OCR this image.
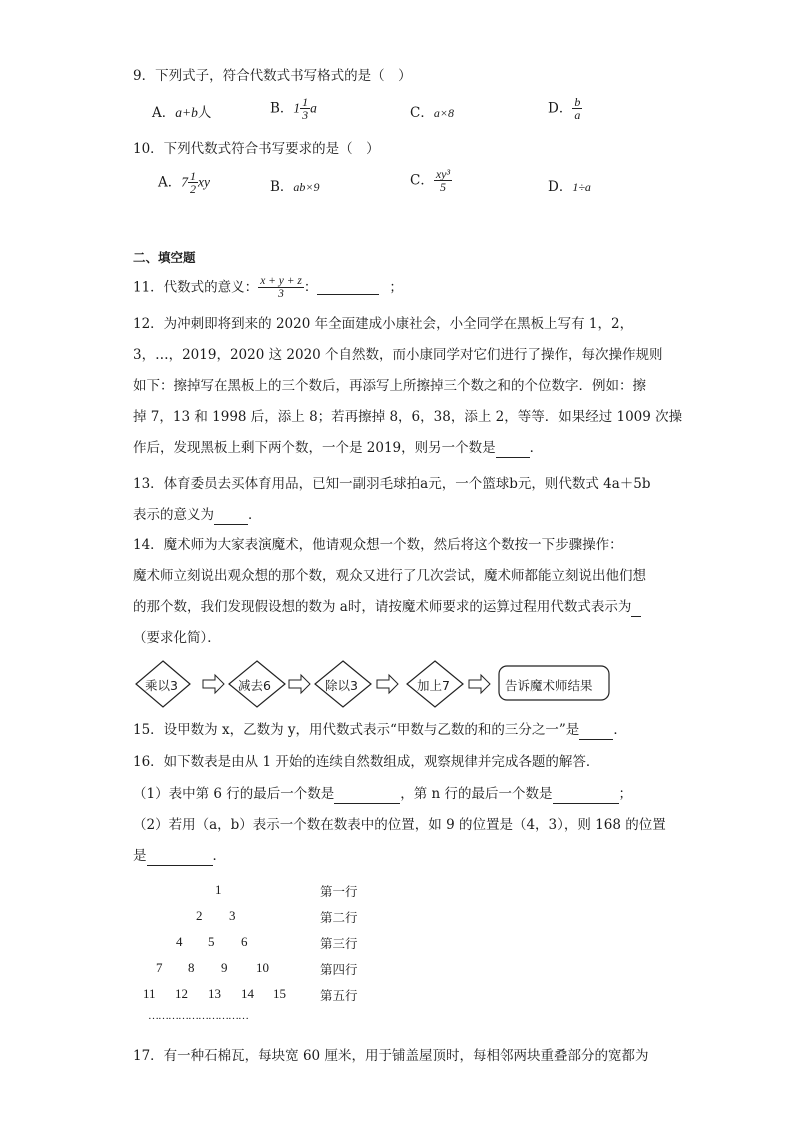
9．下列式子，符合代数式书写格式的是（　）
A．a+b人	B．$1 \frac{1}{3}$ a	C．a×8	D． $\frac{b}{a}$
10．下列代数式符合书写要求的是（　）
A．$7 \frac{1}{2}$ xy	B．ab×9	C． $\frac{\text{xy³}}{5}$	D．1÷a
二、填空题
11．代数式的意义： $\frac{x + y + z}{3}$ ：	；
12．为冲刺即将到来的 2020 年全面建成小康社会，小全同学在黑板上写有 1，2，
3，…，2019，2020 这 2020 个自然数，而小康同学对它们进行了操作，每次操作规则
如下：擦掉写在黑板上的三个数后，再添写上所擦掉三个数之和的个位数字．例如：擦
掉 7，13 和 1998 后，添上 8；若再擦掉 8，6，38，添上 2，等等．如果经过 1009 次操
作后，发现黑板上剩下两个数，一个是 2019，则另一个数是	．
13．体育委员去买体育用品，已知一副羽毛球拍a元，一个篮球b元，则代数式 4a＋5b
表示的意义为	．
14．魔术师为大家表演魔术，他请观众想一个数，然后将这个数按一下步骤操作：
魔术师立刻说出观众想的那个数，观众又进行了几次尝试，魔术师都能立刻说出他们想
的那个数，我们发现假设想的数为 a时，请按魔术师要求的运算过程用代数式表示为
（要求化简）．
乘以3	减去6	除以3	加上7	告诉魔术师结果
15．设甲数为 x，乙数为 y，用代数式表示“甲数与乙数的和的三分之一”是	．
16．如下数表是由从 1 开始的连续自然数组成，观察规律并完成各题的解答．
（1）表中第 6 行的最后一个数是	，第 n 行的最后一个数是	；
（2）若用（a，b）表示一个数在数表中的位置，如 9 的位置是（4，3），则 168 的位置
是	．
1	第一行
2 3	第二行
4 5 6	第三行
7 8 9 10	第四行
11 12 13 14 15	第五行
…………………………
17．有一种石棉瓦，每块宽 60 厘米，用于铺盖屋顶时，每相邻两块重叠部分的宽都为
